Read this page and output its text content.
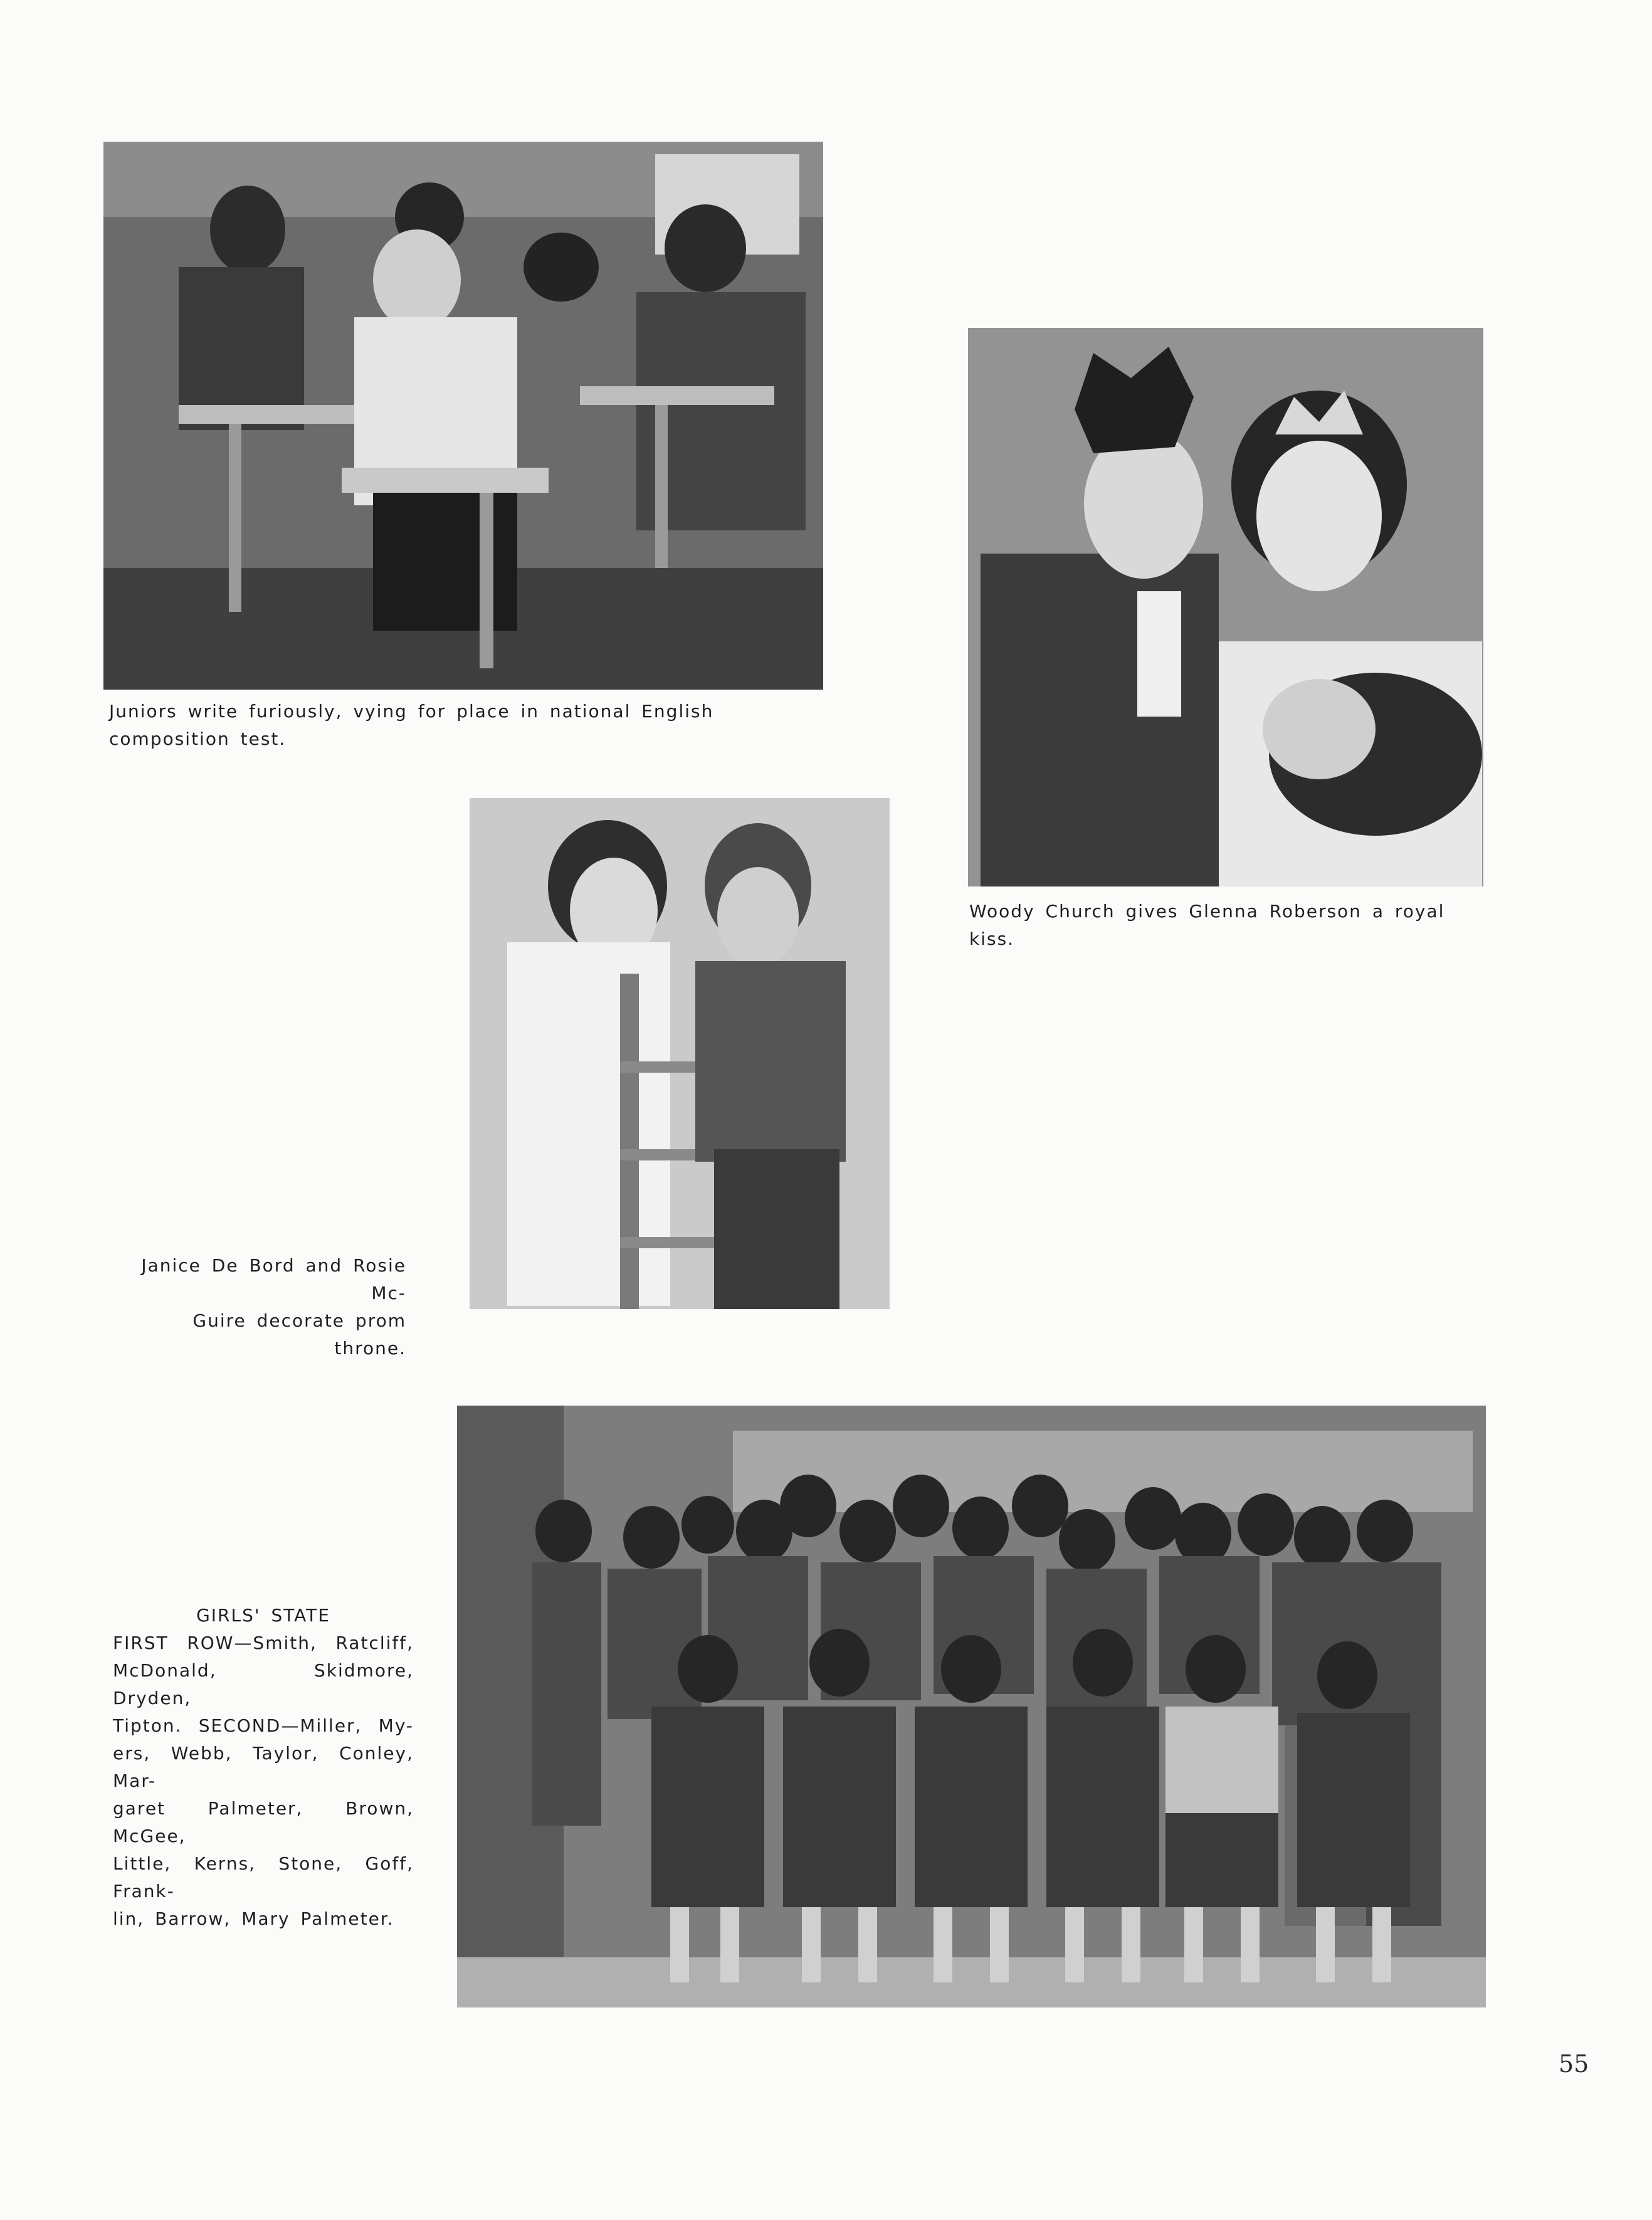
Juniors write furiously, vying for place in national English composition test.
Woody Church gives Glenna Roberson a royal kiss.
Janice De Bord and Rosie Mc-
Guire decorate prom throne.
GIRLS' STATE
FIRST ROW—Smith, Ratcliff,
McDonald, Skidmore, Dryden,
Tipton. SECOND—Miller, My-
ers, Webb, Taylor, Conley, Mar-
garet Palmeter, Brown, McGee,
Little, Kerns, Stone, Goff, Frank-
lin, Barrow, Mary Palmeter.
55
